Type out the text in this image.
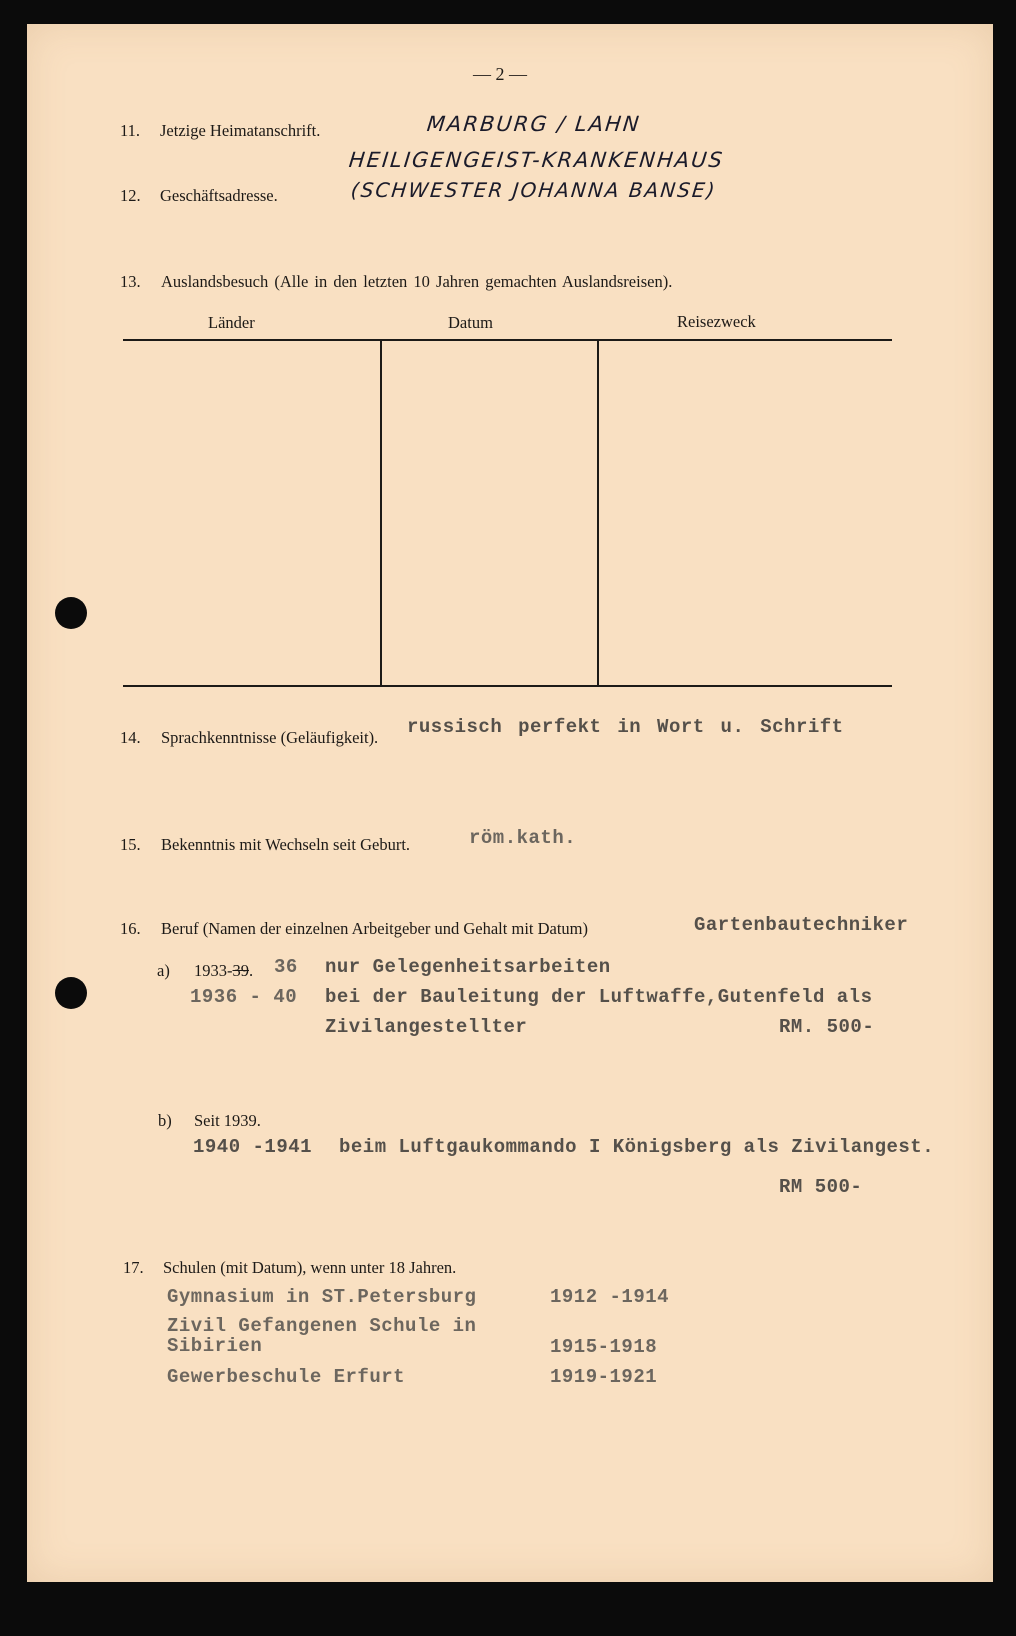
— 2 —
11. Jetzige Heimatanschrift.	MARBURG / LAHN
HEILIGENGEIST-KRANKENHAUS
12. Geschäftsadresse.	(SCHWESTER JOHANNA BANSE)
13. Auslandsbesuch (Alle in den letzten 10 Jahren gemachten Auslandsreisen).
Länder	Datum	Reisezweck
14. Sprachkenntnisse (Geläufigkeit). russisch perfekt in Wort u. Schrift
15. Bekenntnis mit Wechseln seit Geburt.	röm.kath.
16. Beruf (Namen der einzelnen Arbeitgeber und Gehalt mit Datum)	Gartenbautechniker
a) 1933-39. 36 nur Gelegenheitsarbeiten
1936 - 40 bei der Bauleitung der Luftwaffe,Gutenfeld als
Zivilangestellter	RM. 500-
b) Seit 1939.
1940 -1941 beim Luftgaukommando I Königsberg als Zivilangest.
RM 500-
17. Schulen (mit Datum), wenn unter 18 Jahren.
Gymnasium in ST.Petersburg	1912 -1914
Zivil Gefangenen Schule in Sibirien	1915-1918
Gewerbeschule Erfurt	1919-1921
